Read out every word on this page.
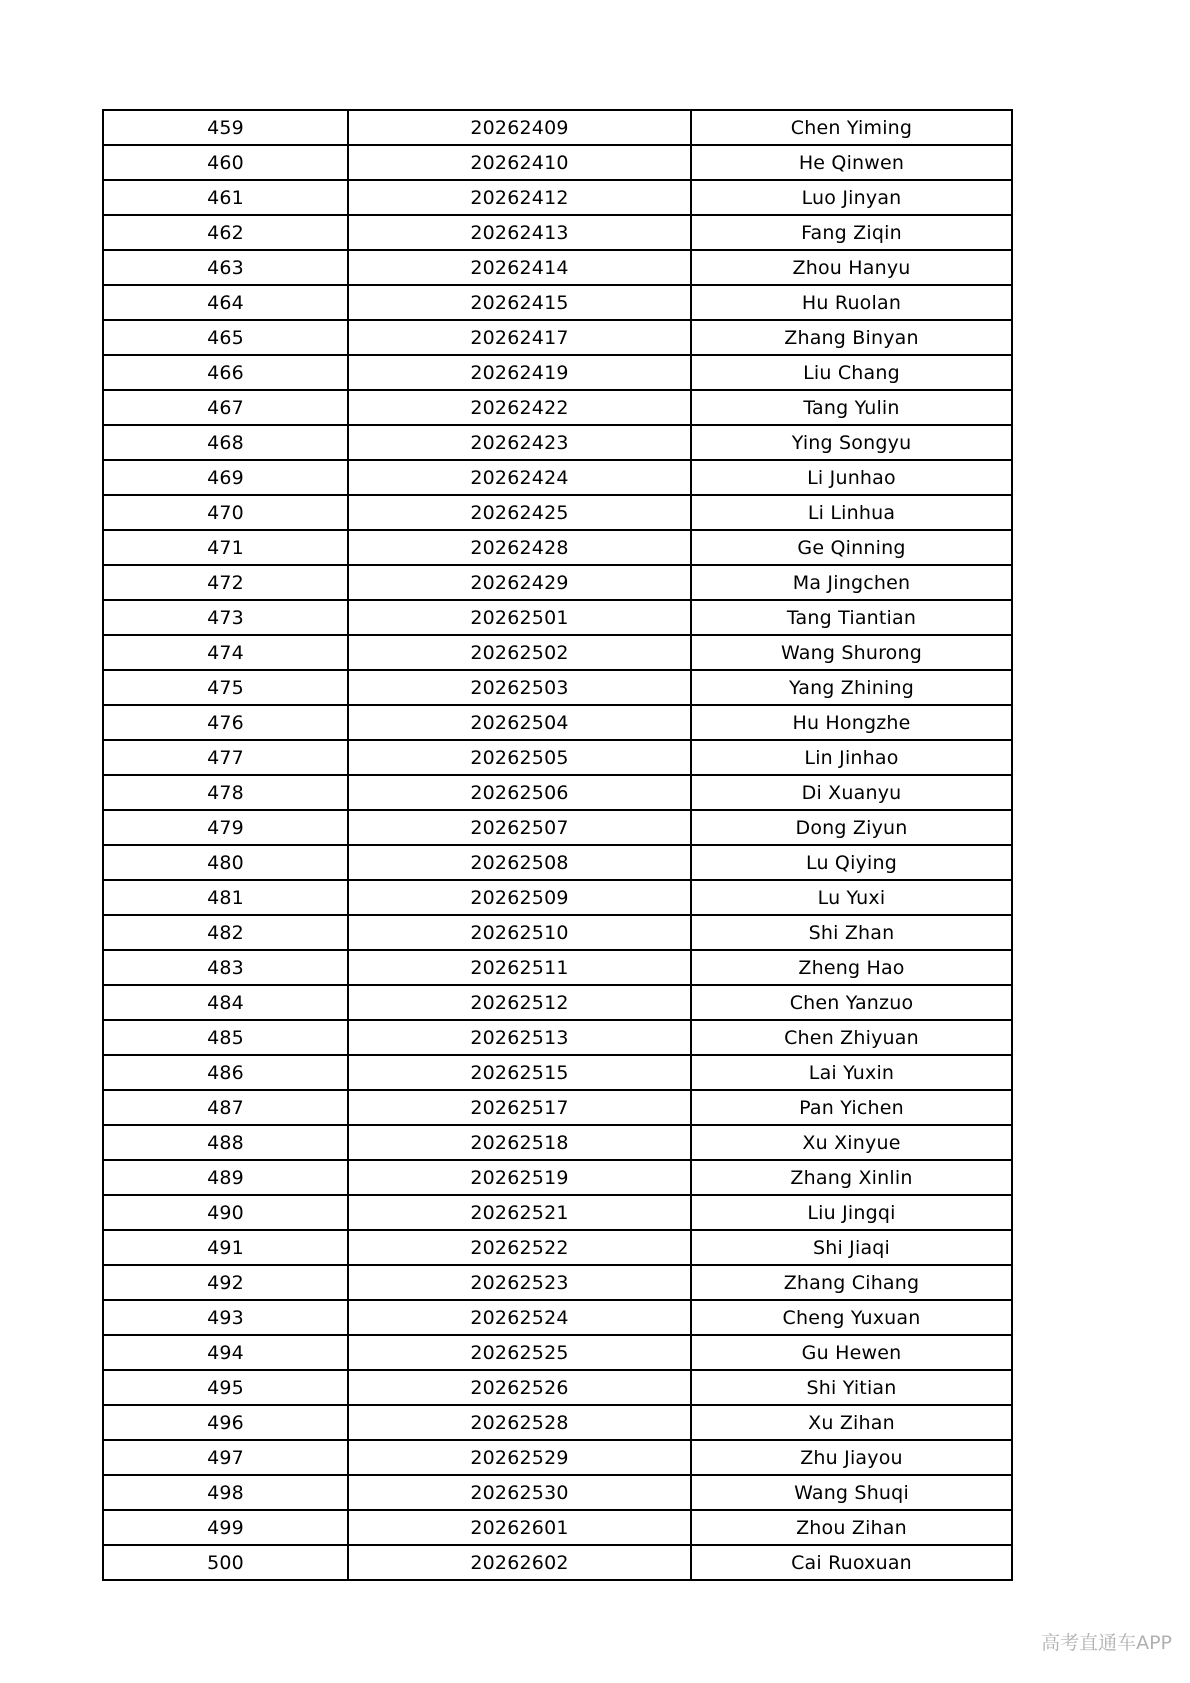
459	20262409	Chen Yiming
460	20262410	He Qinwen
461	20262412	Luo Jinyan
462	20262413	Fang Ziqin
463	20262414	Zhou Hanyu
464	20262415	Hu Ruolan
465	20262417	Zhang Binyan
466	20262419	Liu Chang
467	20262422	Tang Yulin
468	20262423	Ying Songyu
469	20262424	Li Junhao
470	20262425	Li Linhua
471	20262428	Ge Qinning
472	20262429	Ma Jingchen
473	20262501	Tang Tiantian
474	20262502	Wang Shurong
475	20262503	Yang Zhining
476	20262504	Hu Hongzhe
477	20262505	Lin Jinhao
478	20262506	Di Xuanyu
479	20262507	Dong Ziyun
480	20262508	Lu Qiying
481	20262509	Lu Yuxi
482	20262510	Shi Zhan
483	20262511	Zheng Hao
484	20262512	Chen Yanzuo
485	20262513	Chen Zhiyuan
486	20262515	Lai Yuxin
487	20262517	Pan Yichen
488	20262518	Xu Xinyue
489	20262519	Zhang Xinlin
490	20262521	Liu Jingqi
491	20262522	Shi Jiaqi
492	20262523	Zhang Cihang
493	20262524	Cheng Yuxuan
494	20262525	Gu Hewen
495	20262526	Shi Yitian
496	20262528	Xu Zihan
497	20262529	Zhu Jiayou
498	20262530	Wang Shuqi
499	20262601	Zhou Zihan
500	20262602	Cai Ruoxuan
高考直通车APP
